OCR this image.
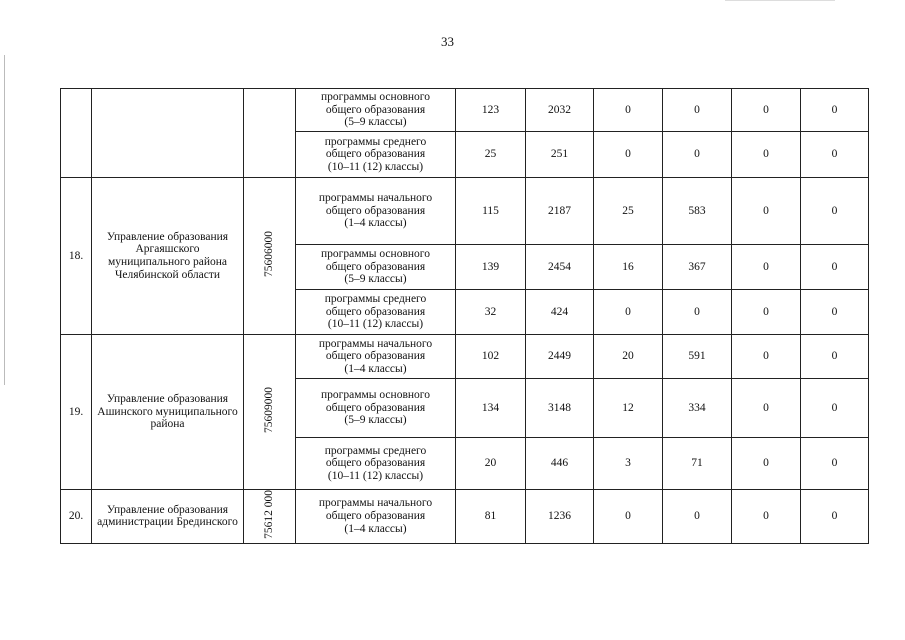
33
			программы основного
общего образования
(5–9 классы)	123	2032	0	0	0	0
			программы среднего
общего образования
(10–11 (12) классы)	25	251	0	0	0	0
18.	Управление образования Аргаяшского муниципального района Челябинской области	75606000	программы начального
общего образования
(1–4 классы)	115	2187	25	583	0	0
			программы основного
общего образования
(5–9 классы)	139	2454	16	367	0	0
			программы среднего
общего образования
(10–11 (12) классы)	32	424	0	0	0	0
19.	Управление образования Ашинского муниципального района	75609000	программы начального
общего образования
(1–4 классы)	102	2449	20	591	0	0
			программы основного
общего образования
(5–9 классы)	134	3148	12	334	0	0
			программы среднего
общего образования
(10–11 (12) классы)	20	446	3	71	0	0
20.	Управление образования администрации Брединского	75612 000	программы начального
общего образования
(1–4 классы)	81	1236	0	0	0	0
